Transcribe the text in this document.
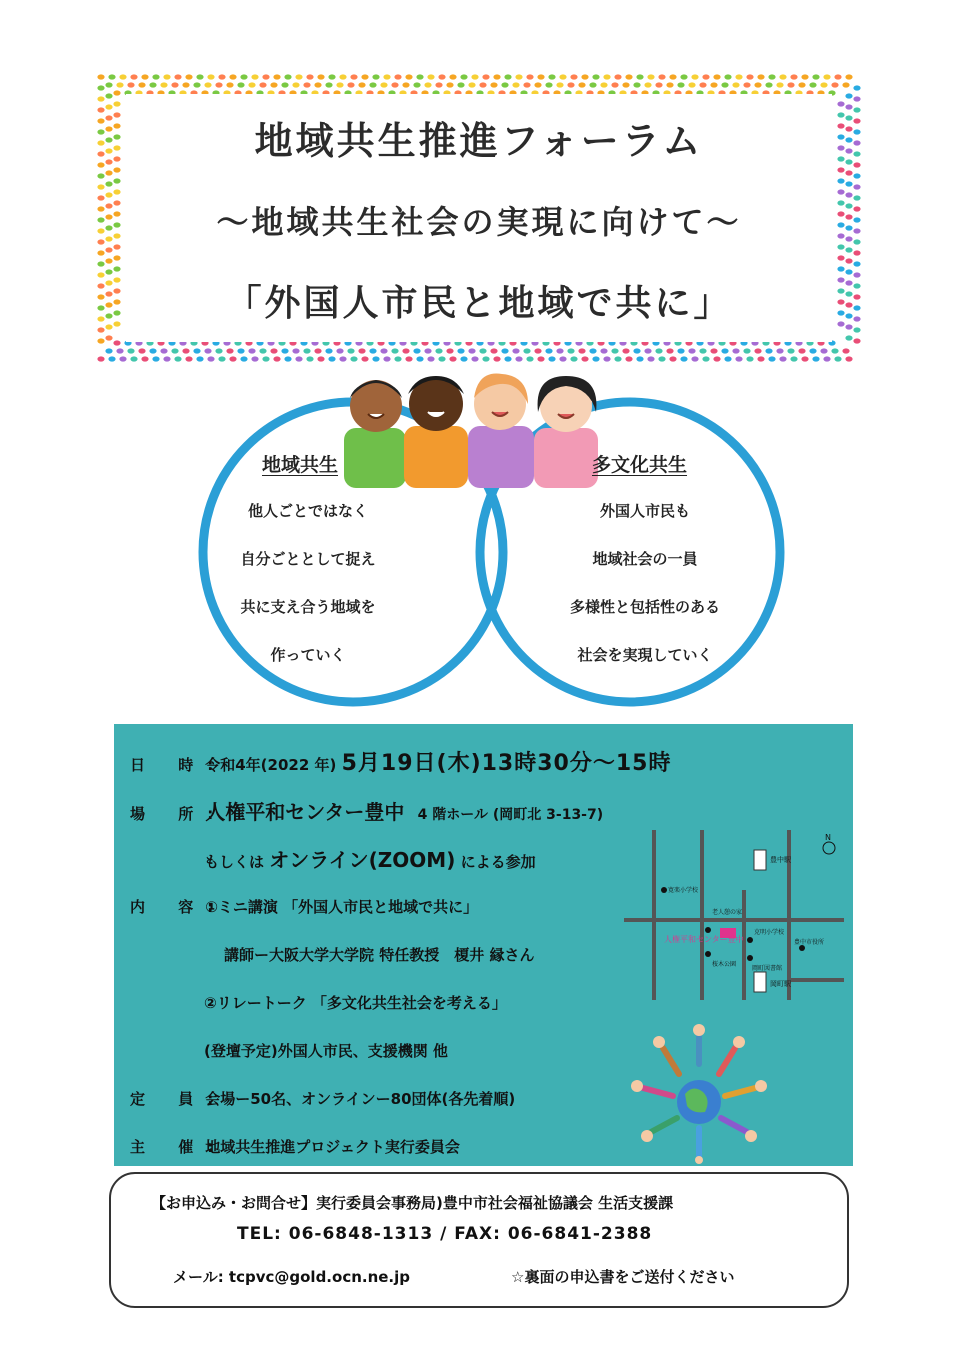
地域共生推進フォーラム
〜地域共生社会の実現に向けて〜
「外国人市民と地域で共に」
地域共生
他人ごとではなく
自分ごととして捉え
共に支え合う地域を
作っていく
多文化共生
外国人市民も
地域社会の一員
多様性と包括性のある
社会を実現していく
日 時: 令和4年(2022 年) 5月19日(木)13時30分〜15時
場 所: 人権平和センター豊中 4 階ホール (岡町北 3-13-7)
もしくは オンライン(ZOOM) による参加
内 容: ①ミニ講演 「外国人市民と地域で共に」
講師ー大阪大学大学院 特任教授　榎井 縁さん
②リレートーク 「多文化共生社会を考える」
(登壇予定)外国人市民、支援機関 他
定 員: 会場ー50名、オンラインー80団体(各先着順)
主 催: 地域共生推進プロジェクト実行委員会
N
豊中駅
岡町駅
寛楽小学校
老人憩の家
人権平和センター豊中
桜木公園
克明小学校
岡町図書館
豊中市役所
【お申込み・お問合せ】実行委員会事務局)豊中市社会福祉協議会 生活支援課
TEL: 06-6848-1313 / FAX: 06-6841-2388
メール: tcpvc@gold.ocn.ne.jp	☆裏面の申込書をご送付ください
